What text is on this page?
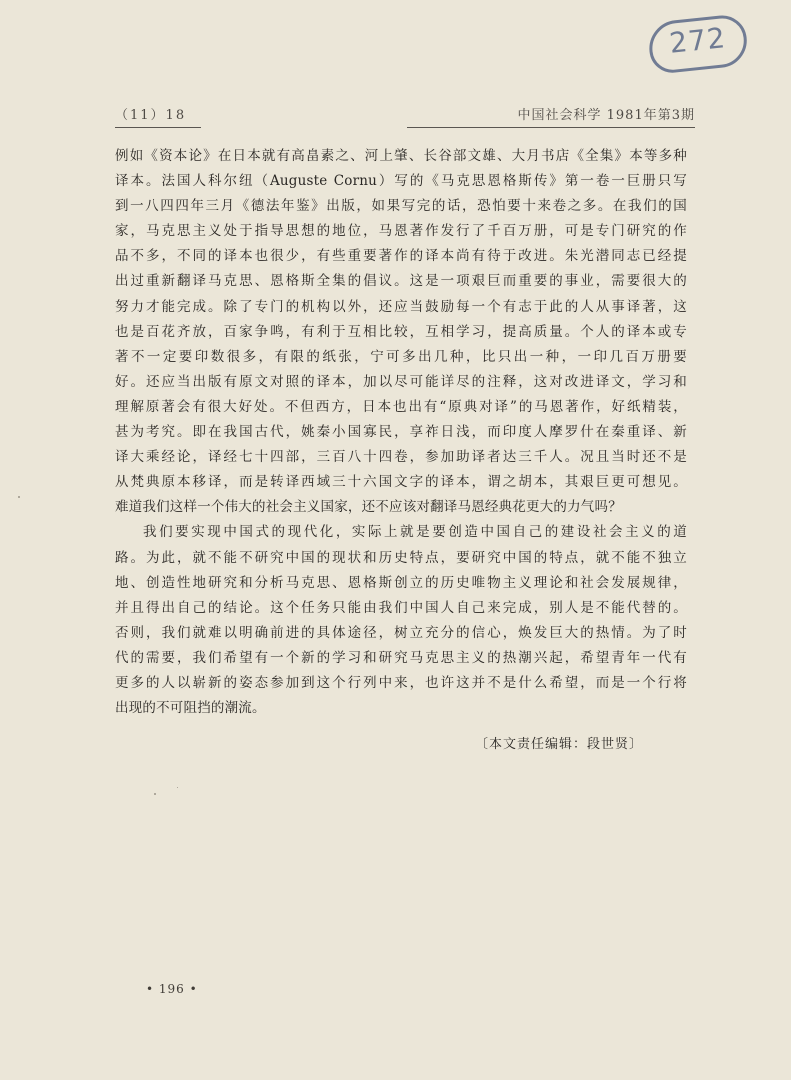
272
（11）18	中国社会科学 1981年第3期

例如《资本论》在日本就有高畠素之、河上肇、长谷部文雄、大月书店《全集》本等多种

译本。法国人科尔纽（Auguste Cornu）写的《马克思恩格斯传》第一卷一巨册只写

到一八四四年三月《德法年鉴》出版，如果写完的话，恐怕要十来卷之多。在我们的国

家，马克思主义处于指导思想的地位，马恩著作发行了千百万册，可是专门研究的作

品不多，不同的译本也很少，有些重要著作的译本尚有待于改进。朱光潜同志已经提

出过重新翻译马克思、恩格斯全集的倡议。这是一项艰巨而重要的事业，需要很大的

努力才能完成。除了专门的机构以外，还应当鼓励每一个有志于此的人从事译著，这

也是百花齐放，百家争鸣，有利于互相比较，互相学习，提高质量。个人的译本或专

著不一定要印数很多，有限的纸张，宁可多出几种，比只出一种，一印几百万册要

好。还应当出版有原文对照的译本，加以尽可能详尽的注释，这对改进译文，学习和

理解原著会有很大好处。不但西方，日本也出有“原典对译”的马恩著作，好纸精装，

甚为考究。即在我国古代，姚秦小国寡民，享祚日浅，而印度人摩罗什在秦重译、新

译大乘经论，译经七十四部，三百八十四卷，参加助译者达三千人。况且当时还不是

从梵典原本移译，而是转译西域三十六国文字的译本，谓之胡本，其艰巨更可想见。

难道我们这样一个伟大的社会主义国家，还不应该对翻译马恩经典花更大的力气吗？

我们要实现中国式的现代化，实际上就是要创造中国自己的建设社会主义的道

路。为此，就不能不研究中国的现状和历史特点，要研究中国的特点，就不能不独立

地、创造性地研究和分析马克思、恩格斯创立的历史唯物主义理论和社会发展规律，

并且得出自己的结论。这个任务只能由我们中国人自己来完成，别人是不能代替的。

否则，我们就难以明确前进的具体途径，树立充分的信心，焕发巨大的热情。为了时

代的需要，我们希望有一个新的学习和研究马克思主义的热潮兴起，希望青年一代有

更多的人以崭新的姿态参加到这个行列中来，也许这并不是什么希望，而是一个行将

出现的不可阻挡的潮流。

〔本文责任编辑：段世贤〕
• 196 •
